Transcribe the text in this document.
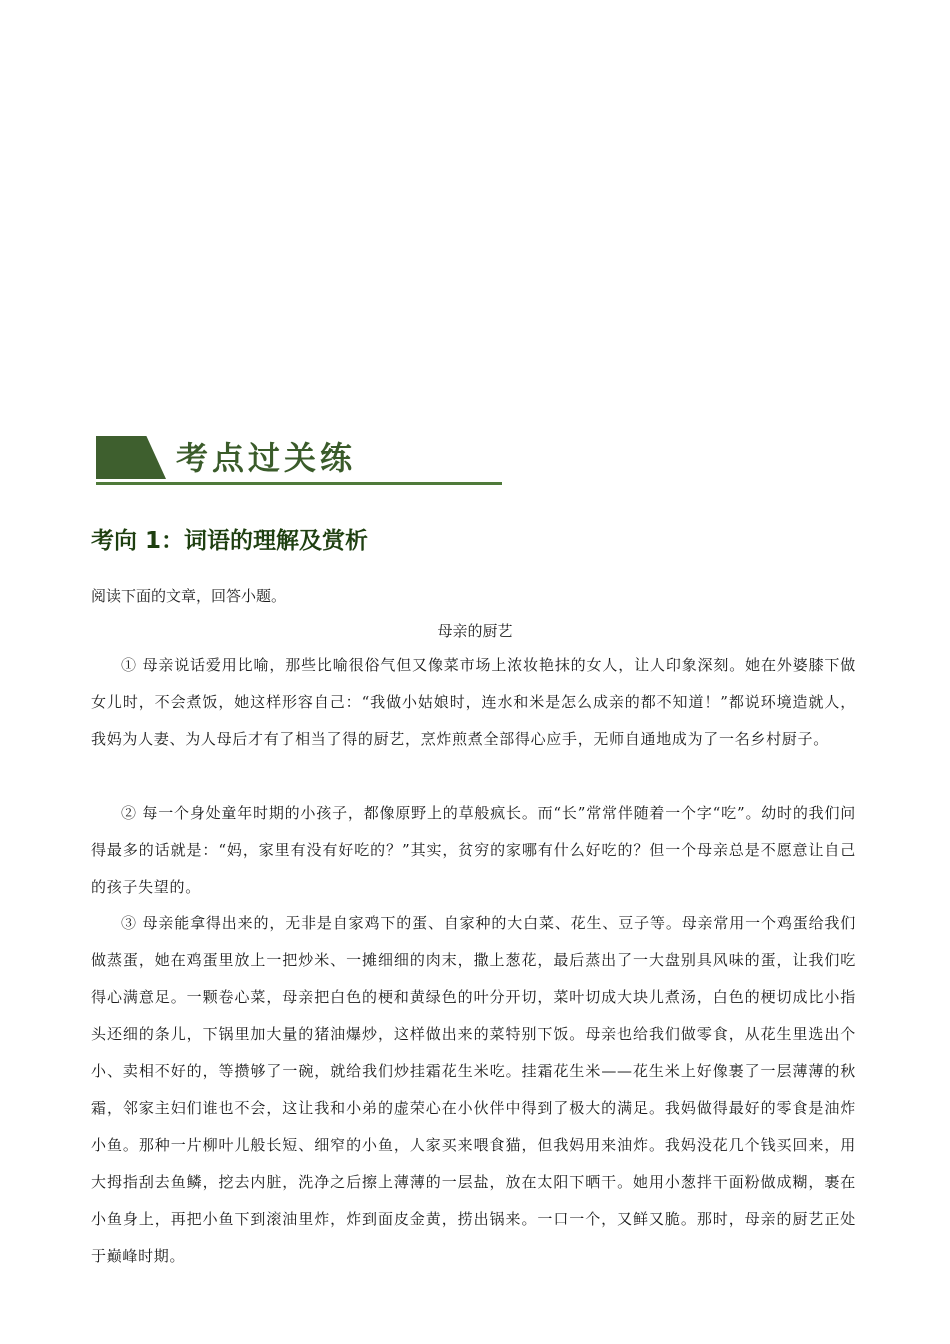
考点过关练
考向 1：词语的理解及赏析
阅读下面的文章，回答小题。
母亲的厨艺

① 母亲说话爱用比喻，那些比喻很俗气但又像菜市场上浓妆艳抹的女人，让人印象深刻。她在外婆膝下做女儿时，不会煮饭，她这样形容自己：“我做小姑娘时，连水和米是怎么成亲的都不知道！”都说环境造就人，我妈为人妻、为人母后才有了相当了得的厨艺，烹炸煎煮全部得心应手，无师自通地成为了一名乡村厨子。

② 每一个身处童年时期的小孩子，都像原野上的草般疯长。而“长”常常伴随着一个字“吃”。幼时的我们问得最多的话就是：“妈，家里有没有好吃的？”其实，贫穷的家哪有什么好吃的？但一个母亲总是不愿意让自己的孩子失望的。

③ 母亲能拿得出来的，无非是自家鸡下的蛋、自家种的大白菜、花生、豆子等。母亲常用一个鸡蛋给我们做蒸蛋，她在鸡蛋里放上一把炒米、一摊细细的肉末，撒上葱花，最后蒸出了一大盘别具风味的蛋，让我们吃得心满意足。一颗卷心菜，母亲把白色的梗和黄绿色的叶分开切，菜叶切成大块儿煮汤，白色的梗切成比小指头还细的条儿，下锅里加大量的猪油爆炒，这样做出来的菜特别下饭。母亲也给我们做零食，从花生里选出个小、卖相不好的，等攒够了一碗，就给我们炒挂霜花生米吃。挂霜花生米——花生米上好像裹了一层薄薄的秋霜，邻家主妇们谁也不会，这让我和小弟的虚荣心在小伙伴中得到了极大的满足。我妈做得最好的零食是油炸小鱼。那种一片柳叶儿般长短、细窄的小鱼，人家买来喂食猫，但我妈用来油炸。我妈没花几个钱买回来，用大拇指刮去鱼鳞，挖去内脏，洗净之后擦上薄薄的一层盐，放在太阳下晒干。她用小葱拌干面粉做成糊，裹在小鱼身上，再把小鱼下到滚油里炸，炸到面皮金黄，捞出锅来。一口一个，又鲜又脆。那时，母亲的厨艺正处于巅峰时期。
